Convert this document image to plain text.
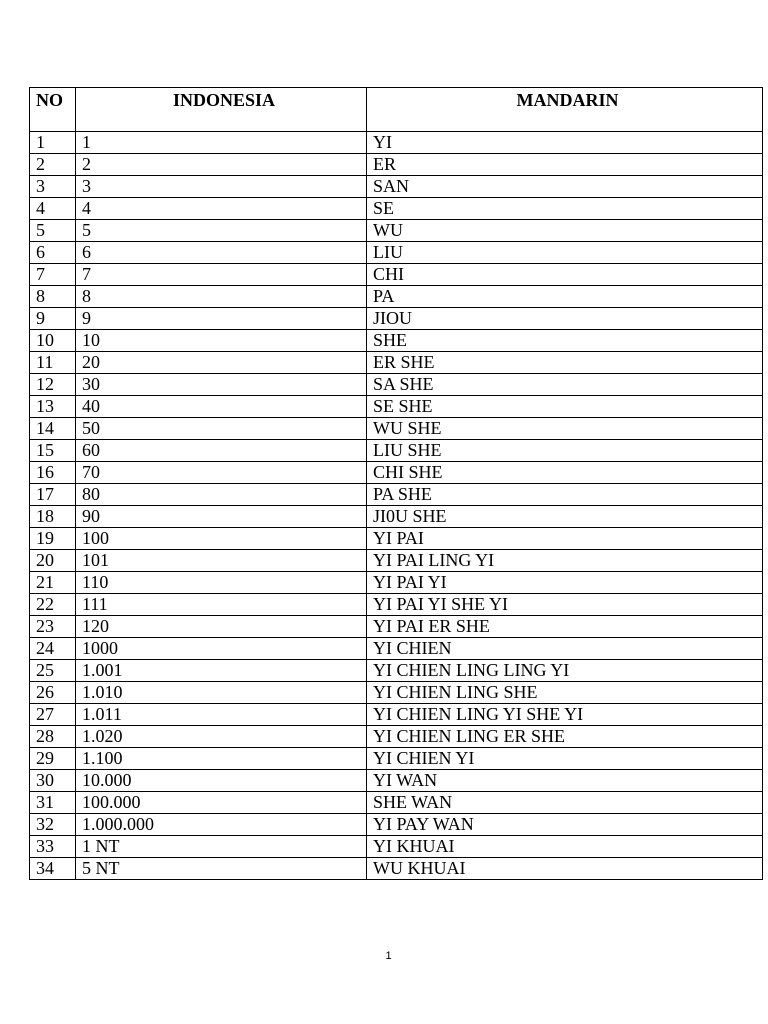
NO	INDONESIA	MANDARIN
1	1	YI
2	2	ER
3	3	SAN
4	4	SE
5	5	WU
6	6	LIU
7	7	CHI
8	8	PA
9	9	JIOU
10	10	SHE
11	20	ER SHE
12	30	SA SHE
13	40	SE SHE
14	50	WU SHE
15	60	LIU SHE
16	70	CHI SHE
17	80	PA SHE
18	90	JI0U SHE
19	100	YI PAI
20	101	YI PAI LING YI
21	110	YI PAI YI
22	111	YI PAI YI SHE YI
23	120	YI PAI ER SHE
24	1000	YI CHIEN
25	1.001	YI CHIEN LING LING YI
26	1.010	YI CHIEN LING SHE
27	1.011	YI CHIEN LING YI SHE YI
28	1.020	YI CHIEN LING ER SHE
29	1.100	YI CHIEN YI
30	10.000	YI WAN
31	100.000	SHE WAN
32	1.000.000	YI PAY WAN
33	1 NT	YI KHUAI
34	5 NT	WU KHUAI
1
